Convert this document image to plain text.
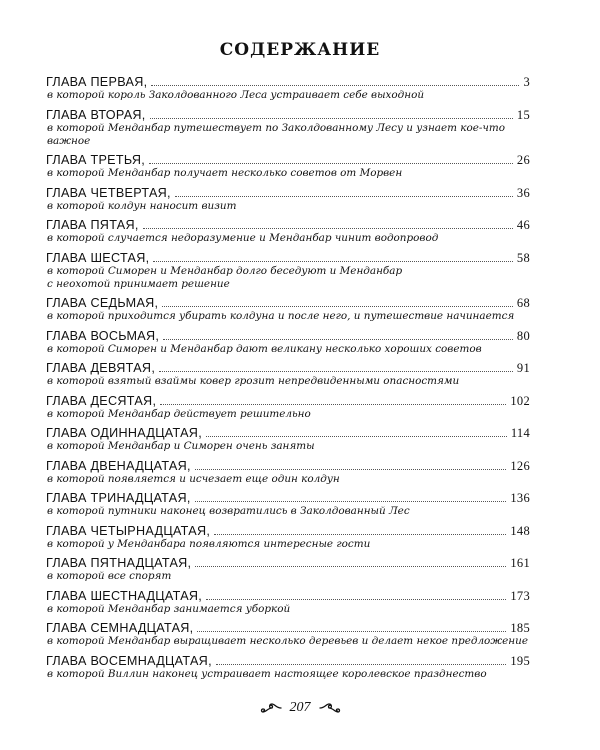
СОДЕРЖАНИЕ
ГЛАВА ПЕРВАЯ,	3
в которой король Заколдованного Леса устраивает себе выходной
ГЛАВА ВТОРАЯ,	15
в которой Менданбар путешествует по Заколдованному Лесу и узнает кое-что важное
ГЛАВА ТРЕТЬЯ,	26
в которой Менданбар получает несколько советов от Морвен
ГЛАВА ЧЕТВЕРТАЯ,	36
в которой колдун наносит визит
ГЛАВА ПЯТАЯ,	46
в которой случается недоразумение и Менданбар чинит водопровод
ГЛАВА ШЕСТАЯ,	58
в которой Симорен и Менданбар долго беседуют и Менданбар
с неохотой принимает решение
ГЛАВА СЕДЬМАЯ,	68
в которой приходится убирать колдуна и после него, и путешествие начинается
ГЛАВА ВОСЬМАЯ,	80
в которой Симорен и Менданбар дают великану несколько хороших советов
ГЛАВА ДЕВЯТАЯ,	91
в которой взятый взаймы ковер грозит непредвиденными опасностями
ГЛАВА ДЕСЯТАЯ,	102
в которой Менданбар действует решительно
ГЛАВА ОДИННАДЦАТАЯ,	114
в которой Менданбар и Симорен очень заняты
ГЛАВА ДВЕНАДЦАТАЯ,	126
в которой появляется и исчезает еще один колдун
ГЛАВА ТРИНАДЦАТАЯ,	136
в которой путники наконец возвратились в Заколдованный Лес
ГЛАВА ЧЕТЫРНАДЦАТАЯ,	148
в которой у Менданбара появляются интересные гости
ГЛАВА ПЯТНАДЦАТАЯ,	161
в которой все спорят
ГЛАВА ШЕСТНАДЦАТАЯ,	173
в которой Менданбар занимается уборкой
ГЛАВА СЕМНАДЦАТАЯ,	185
в которой Менданбар выращивает несколько деревьев и делает некое предложение
ГЛАВА ВОСЕМНАДЦАТАЯ,	195
в которой Виллин наконец устраивает настоящее королевское празднество
207
